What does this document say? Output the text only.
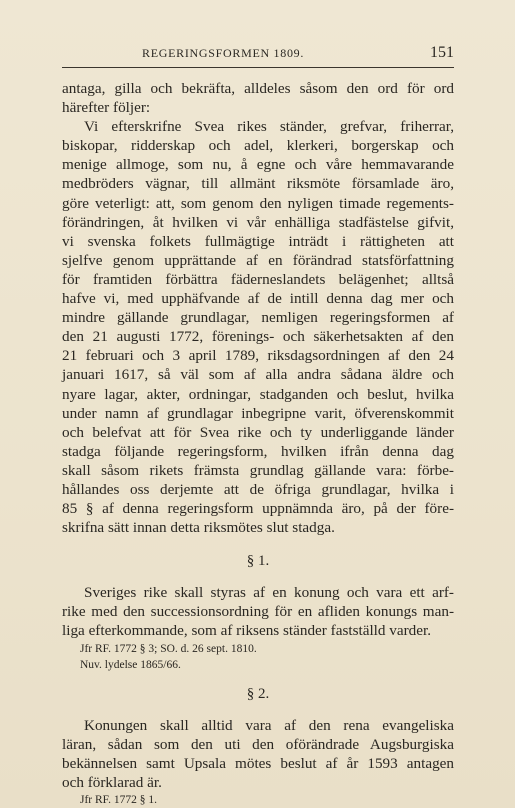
REGERINGSFORMEN 1809.	151
antaga, gilla och bekräfta, alldeles såsom den ord för ord
härefter följer:
Vi efterskrifne Svea rikes ständer, grefvar, friherrar,
biskopar, ridderskap och adel, klerkeri, borgerskap och
menige allmoge, som nu, å egne och våre hemmavarande
medbröders vägnar, till allmänt riksmöte församlade äro,
göre veterligt: att, som genom den nyligen timade regements-
förändringen, åt hvilken vi vår enhälliga stadfästelse gifvit,
vi svenska folkets fullmägtige inträdt i rättigheten att
sjelfve genom upprättande af en förändrad statsförfattning
för framtiden förbättra fäderneslandets belägenhet; alltså
hafve vi, med upphäfvande af de intill denna dag mer och
mindre gällande grundlagar, nemligen regeringsformen af
den 21 augusti 1772, förenings- och säkerhetsakten af den
21 februari och 3 april 1789, riksdagsordningen af den 24
januari 1617, så väl som af alla andra sådana äldre och
nyare lagar, akter, ordningar, stadganden och beslut, hvilka
under namn af grundlagar inbegripne varit, öfverenskommit
och belefvat att för Svea rike och ty underliggande länder
stadga följande regeringsform, hvilken ifrån denna dag
skall såsom rikets främsta grundlag gällande vara: förbe-
hållandes oss derjemte att de öfriga grundlagar, hvilka i
85 § af denna regeringsform uppnämnda äro, på der före-
skrifna sätt innan detta riksmötes slut stadga.
§ 1.
Sveriges rike skall styras af en konung och vara ett arf-
rike med den successionsordning för en afliden konungs man-
liga efterkommande, som af riksens ständer fastställd varder.
Jfr RF. 1772 § 3; SO. d. 26 sept. 1810.
Nuv. lydelse 1865/66.
§ 2.
Konungen skall alltid vara af den rena evangeliska
läran, sådan som den uti den oförändrade Augsburgiska
bekännelsen samt Upsala mötes beslut af år 1593 antagen
och förklarad är.
Jfr RF. 1772 § 1.
